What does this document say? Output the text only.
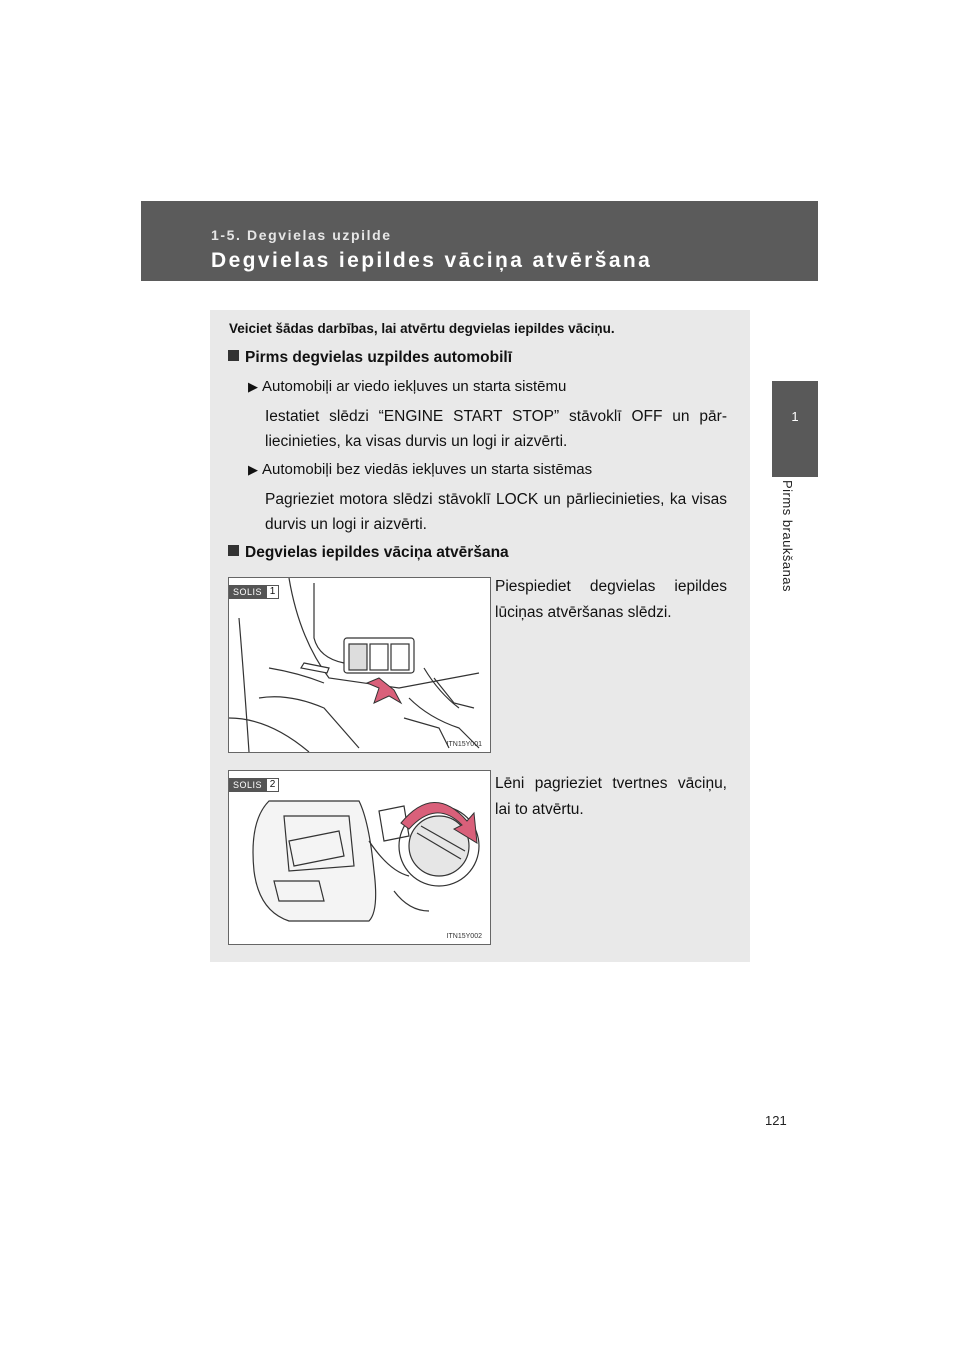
1-5. Degvielas uzpilde
Degvielas iepildes vāciņa atvēršana
1
Pirms braukšanas
Veiciet šādas darbības, lai atvērtu degvielas iepildes vāciņu.
Pirms degvielas uzpildes automobilī
▶ Automobiļi ar viedo iekļuves un starta sistēmu
Iestatiet slēdzi “ENGINE START STOP” stāvoklī OFF un pār-liecinieties, ka visas durvis un logi ir aizvērti.
▶ Automobiļi bez viedās iekļuves un starta sistēmas
Pagrieziet motora slēdzi stāvoklī LOCK un pārliecinieties, ka visas durvis un logi ir aizvērti.
Degvielas iepildes vāciņa atvēršana
SOLIS 1
ITN15Y001
Piespiediet degvielas iepildes lūciņas atvēršanas slēdzi.
SOLIS 2
ITN15Y002
Lēni pagrieziet tvertnes vāciņu, lai to atvērtu.
121
